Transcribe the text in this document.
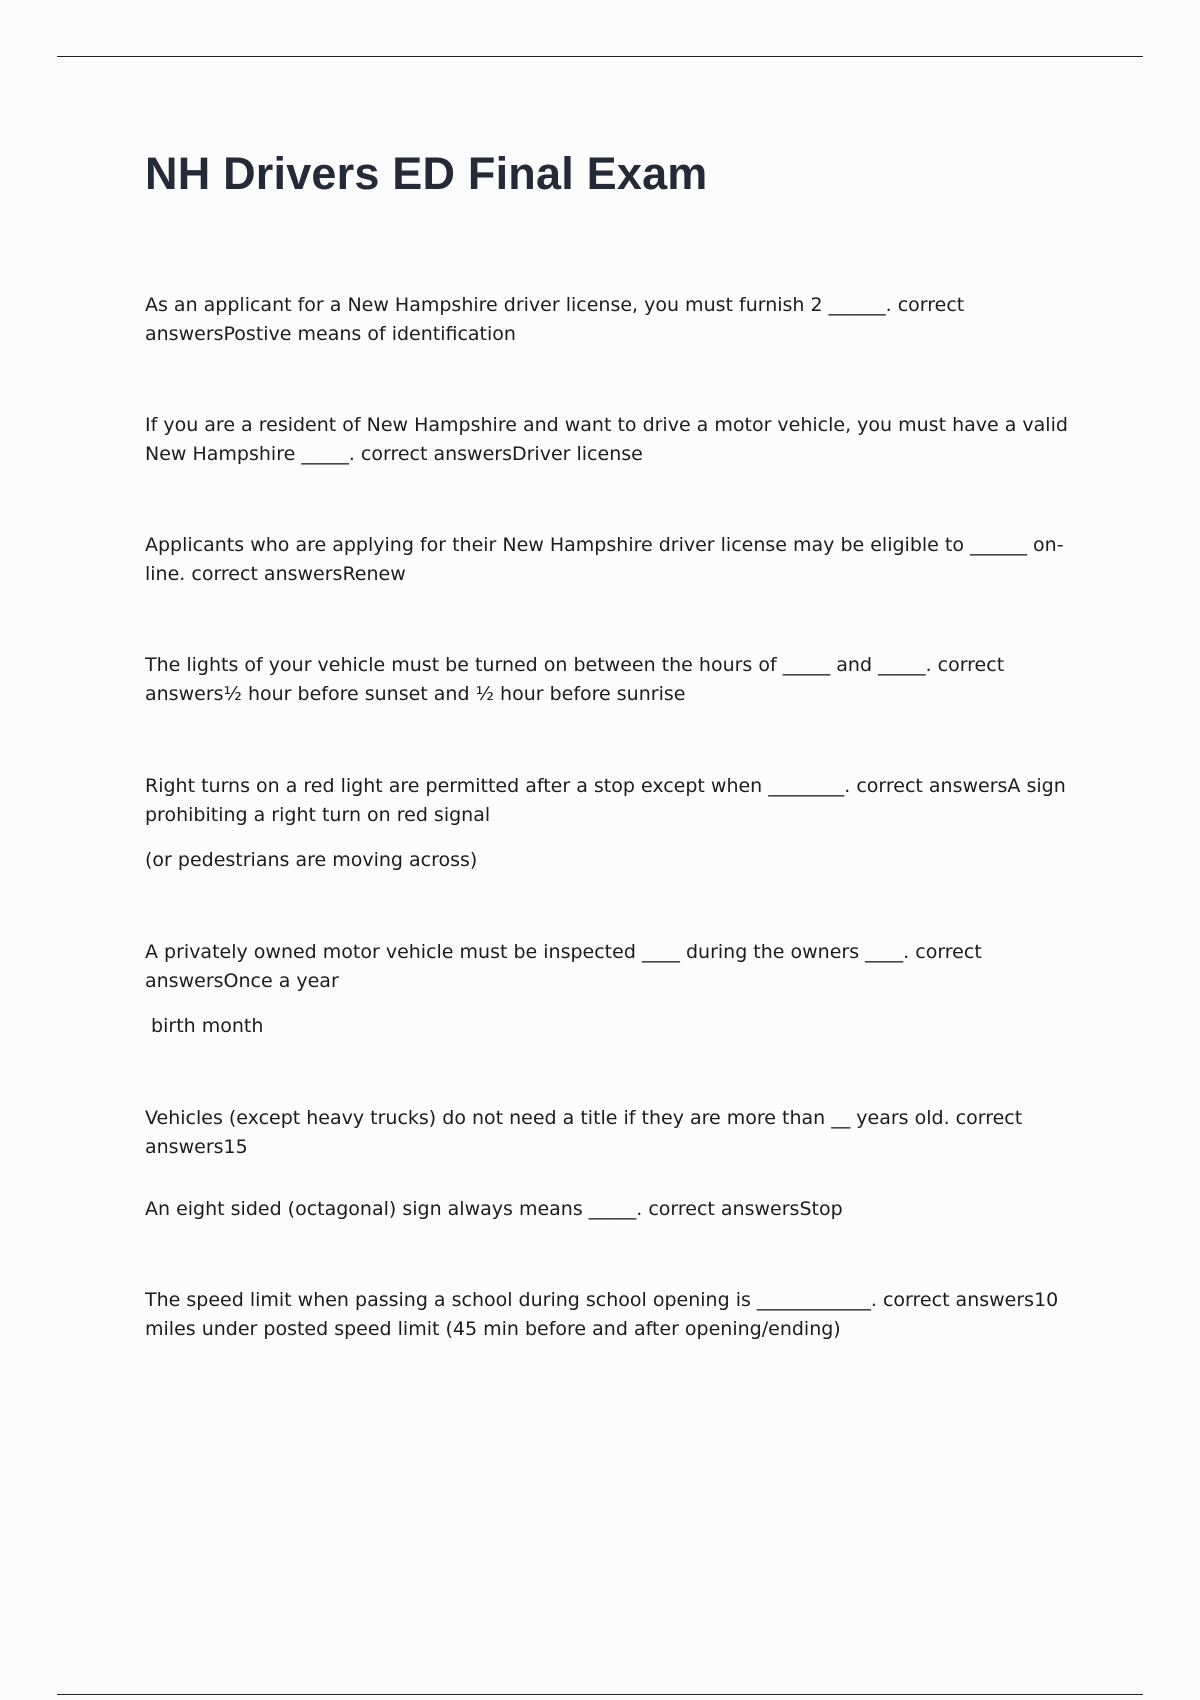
NH Drivers ED Final Exam

As an applicant for a New Hampshire driver license, you must furnish 2 ______. correct answersPostive means of identification

If you are a resident of New Hampshire and want to drive a motor vehicle, you must have a valid New Hampshire _____. correct answersDriver license

Applicants who are applying for their New Hampshire driver license may be eligible to ______ on-line. correct answersRenew

The lights of your vehicle must be turned on between the hours of _____ and _____. correct answers½ hour before sunset and ½ hour before sunrise

Right turns on a red light are permitted after a stop except when ________. correct answersA sign prohibiting a right turn on red signal

(or pedestrians are moving across)

A privately owned motor vehicle must be inspected ____ during the owners ____. correct answersOnce a year

birth month

Vehicles (except heavy trucks) do not need a title if they are more than __ years old. correct answers15

An eight sided (octagonal) sign always means _____. correct answersStop

The speed limit when passing a school during school opening is ____________. correct answers10 miles under posted speed limit (45 min before and after opening/ending)
